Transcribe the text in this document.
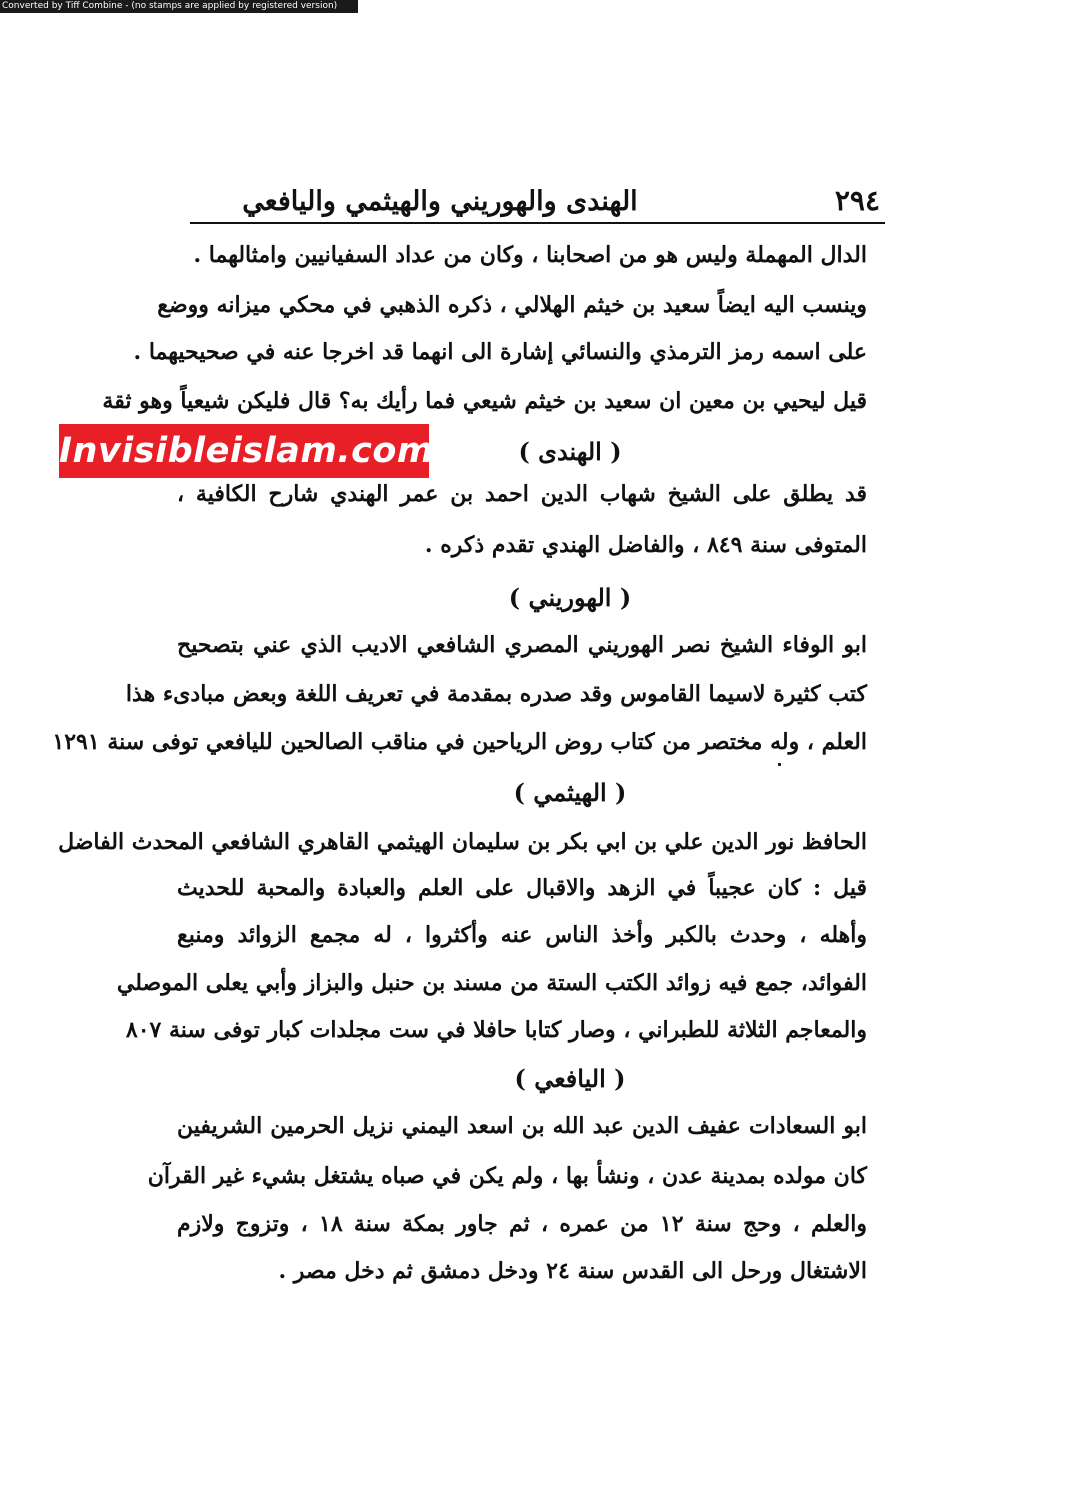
Converted by Tiff Combine - (no stamps are applied by registered version)
الهندى والهوريني والهيثمي واليافعي	٢٩٤
الدال المهملة وليس هو من اصحابنا ، وكان من عداد السفيانيين وامثالهما .
وينسب اليه ايضاً سعيد بن خيثم الهلالي ، ذكره الذهبي في محكي ميزانه ووضع
على اسمه رمز الترمذي والنسائي إشارة الى انهما قد اخرجا عنه في صحيحيهما .
قيل ليحيي بن معين ان سعيد بن خيثم شيعي فما رأيك به؟ قال فليكن شيعياً وهو ثقة
( الهندى )
قد يطلق على الشيخ شهاب الدين احمد بن عمر الهندي شارح الكافية ،
المتوفى سنة ٨٤٩ ، والفاضل الهندي تقدم ذكره .
( الهوريني )
ابو الوفاء الشيخ نصر الهوريني المصري الشافعي الاديب الذي عني بتصحيح
كتب كثيرة لاسيما القاموس وقد صدره بمقدمة في تعريف اللغة وبعض مبادىء هذا
العلم ، وله مختصر من كتاب روض الرياحين في مناقب الصالحين لليافعي توفى سنة ١٢٩١
( الهيثمي )
الحافظ نور الدين علي بن ابي بكر بن سليمان الهيثمي القاهري الشافعي المحدث الفاضل
قيل : كان عجيباً في الزهد والاقبال على العلم والعبادة والمحبة للحديث
وأهله ، وحدث بالكبر وأخذ الناس عنه وأكثروا ، له مجمع الزوائد ومنبع
الفوائد، جمع فيه زوائد الكتب الستة من مسند بن حنبل والبزاز وأبي يعلى الموصلي
والمعاجم الثلاثة للطبراني ، وصار كتابا حافلا في ست مجلدات كبار توفى سنة ٨٠٧
( اليافعي )
ابو السعادات عفيف الدين عبد الله بن اسعد اليمني نزيل الحرمين الشريفين
كان مولده بمدينة عدن ، ونشأ بها ، ولم يكن في صباه يشتغل بشيء غير القرآن
والعلم ، وحج سنة ١٢ من عمره ، ثم جاور بمكة سنة ١٨ ، وتزوج ولازم
الاشتغال ورحل الى القدس سنة ٢٤ ودخل دمشق ثم دخل مصر .
Invisibleislam.com
